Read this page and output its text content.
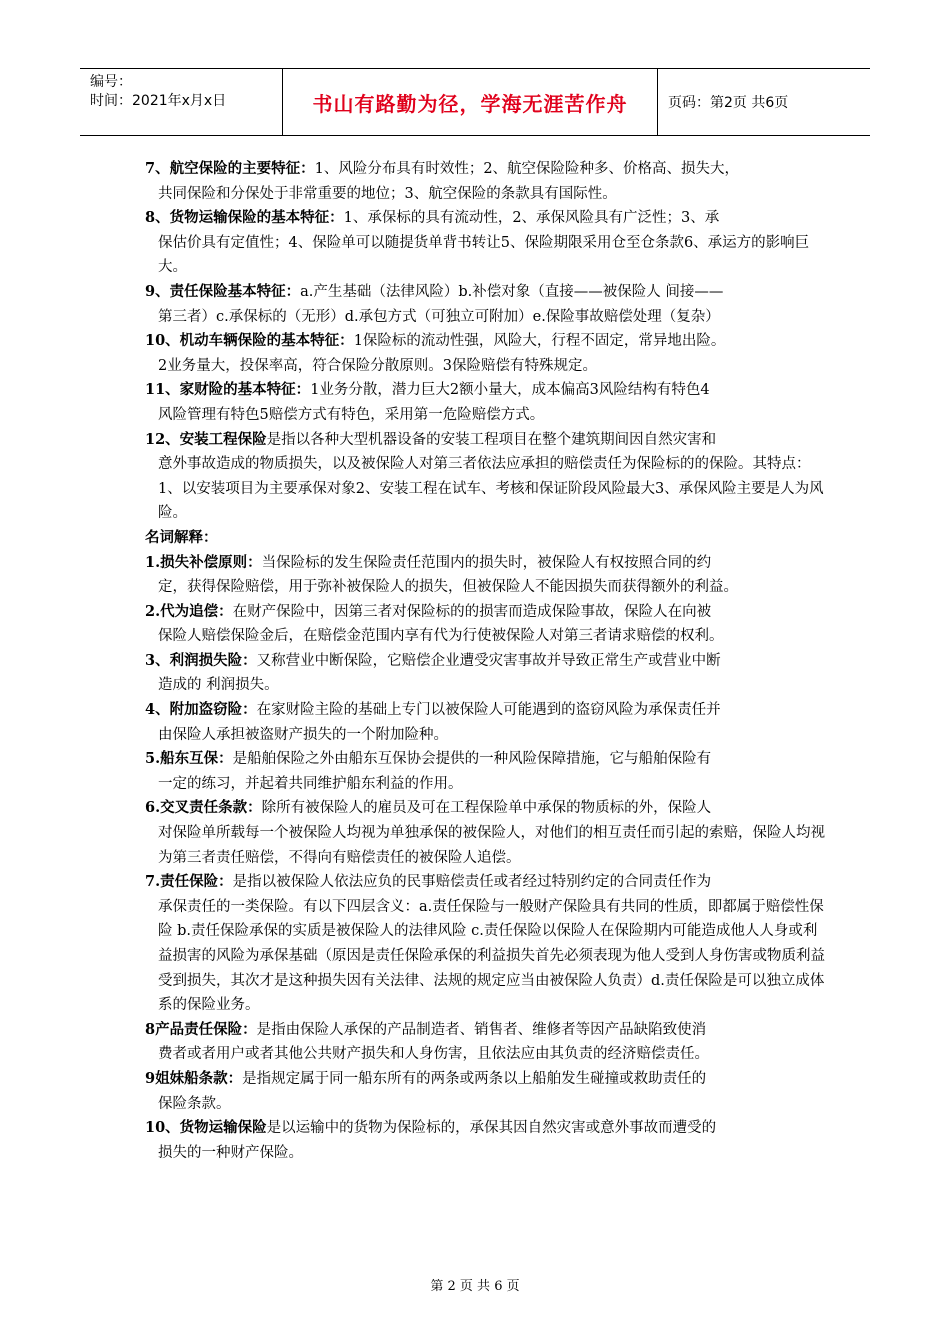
编号：
时间：2021年x月x日	书山有路勤为径，学海无涯苦作舟	页码：第2页 共6页

7、航空保险的主要特征：1、风险分布具有时效性；2、航空保险险种多、价格高、损失大，
共同保险和分保处于非常重要的地位；3、航空保险的条款具有国际性。

8、货物运输保险的基本特征：1、承保标的具有流动性，2、承保风险具有广泛性；3、承
保估价具有定值性；4、保险单可以随提货单背书转让5、保险期限采用仓至仓条款6、承运方的影响巨大。

9、责任保险基本特征：a.产生基础（法律风险）b.补偿对象（直接——被保险人 间接——
第三者）c.承保标的（无形）d.承包方式（可独立可附加）e.保险事故赔偿处理（复杂）

10、机动车辆保险的基本特征：1保险标的流动性强，风险大，行程不固定，常异地出险。
2业务量大，投保率高，符合保险分散原则。3保险赔偿有特殊规定。

11、家财险的基本特征：1业务分散，潜力巨大2额小量大，成本偏高3风险结构有特色4
风险管理有特色5赔偿方式有特色，采用第一危险赔偿方式。

12、安装工程保险是指以各种大型机器设备的安装工程项目在整个建筑期间因自然灾害和
意外事故造成的物质损失，以及被保险人对第三者依法应承担的赔偿责任为保险标的的保险。其特点：1、以安装项目为主要承保对象2、安装工程在试车、考核和保证阶段风险最大3、承保风险主要是人为风险。

名词解释：

1.损失补偿原则：当保险标的发生保险责任范围内的损失时，被保险人有权按照合同的约
定，获得保险赔偿，用于弥补被保险人的损失，但被保险人不能因损失而获得额外的利益。

2.代为追偿：在财产保险中，因第三者对保险标的的损害而造成保险事故，保险人在向被
保险人赔偿保险金后，在赔偿金范围内享有代为行使被保险人对第三者请求赔偿的权利。

3、利润损失险：又称营业中断保险，它赔偿企业遭受灾害事故并导致正常生产或营业中断
造成的 利润损失。

4、附加盗窃险：在家财险主险的基础上专门以被保险人可能遇到的盗窃风险为承保责任并
由保险人承担被盗财产损失的一个附加险种。

5.船东互保：是船舶保险之外由船东互保协会提供的一种风险保障措施，它与船舶保险有
一定的练习，并起着共同维护船东利益的作用。

6.交叉责任条款：除所有被保险人的雇员及可在工程保险单中承保的物质标的外，保险人
对保险单所载每一个被保险人均视为单独承保的被保险人，对他们的相互责任而引起的索赔，保险人均视为第三者责任赔偿，不得向有赔偿责任的被保险人追偿。

7.责任保险：是指以被保险人依法应负的民事赔偿责任或者经过特别约定的合同责任作为
承保责任的一类保险。有以下四层含义：a.责任保险与一般财产保险具有共同的性质，即都属于赔偿性保险 b.责任保险承保的实质是被保险人的法律风险 c.责任保险以保险人在保险期内可能造成他人人身或利益损害的风险为承保基础（原因是责任保险承保的利益损失首先必须表现为他人受到人身伤害或物质利益受到损失，其次才是这种损失因有关法律、法规的规定应当由被保险人负责）d.责任保险是可以独立成体系的保险业务。

8产品责任保险：是指由保险人承保的产品制造者、销售者、维修者等因产品缺陷致使消
费者或者用户或者其他公共财产损失和人身伤害，且依法应由其负责的经济赔偿责任。

9姐妹船条款：是指规定属于同一船东所有的两条或两条以上船舶发生碰撞或救助责任的
保险条款。

10、货物运输保险是以运输中的货物为保险标的，承保其因自然灾害或意外事故而遭受的
损失的一种财产保险。

第 2 页 共 6 页
